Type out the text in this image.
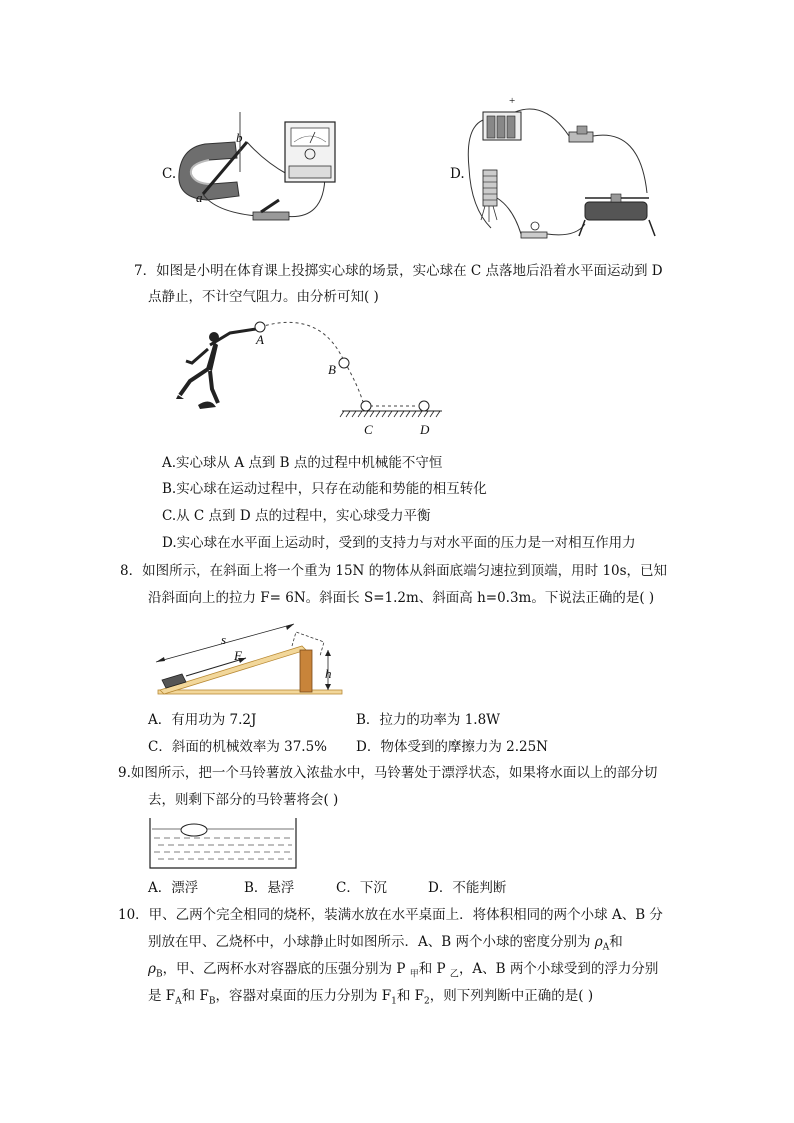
C.
a
b
D.
+
7．如图是小明在体育课上投掷实心球的场景，实心球在 C 点落地后沿着水平面运动到 D
点静止，不计空气阻力。由分析可知( )
A
B
C	D
A.实心球从 A 点到 B 点的过程中机械能不守恒
B.实心球在运动过程中，只存在动能和势能的相互转化
C.从 C 点到 D 点的过程中，实心球受力平衡
D.实心球在水平面上运动时，受到的支持力与对水平面的压力是一对相互作用力
8．如图所示，在斜面上将一个重为 15N 的物体从斜面底端匀速拉到顶端，用时 10s，已知
沿斜面向上的拉力 F= 6N。斜面长 S=1.2m、斜面高 h=0.3m。下说法正确的是( )
s
F
h
A．有用功为 7.2J	B．拉力的功率为 1.8W
C．斜面的机械效率为 37.5% D．物体受到的摩擦力为 2.25N
9.如图所示，把一个马铃薯放入浓盐水中，马铃薯处于漂浮状态，如果将水面以上的部分切
去，则剩下部分的马铃薯将会( )
A．漂浮	B．悬浮	C．下沉	D．不能判断
10．甲、乙两个完全相同的烧杯，装满水放在水平桌面上．将体积相同的两个小球 A、B 分
别放在甲、乙烧杯中，小球静止时如图所示．A、B 两个小球的密度分别为 $\rho_A$和
$\rho_B$，甲、乙两杯水对容器底的压强分别为 P $_甲$和 P $_乙$，A、B 两个小球受到的浮力分别
是 $F_A$和 $F_B$，容器对桌面的压力分别为 $F_1$和 $F_2$，则下列判断中正确的是( )
